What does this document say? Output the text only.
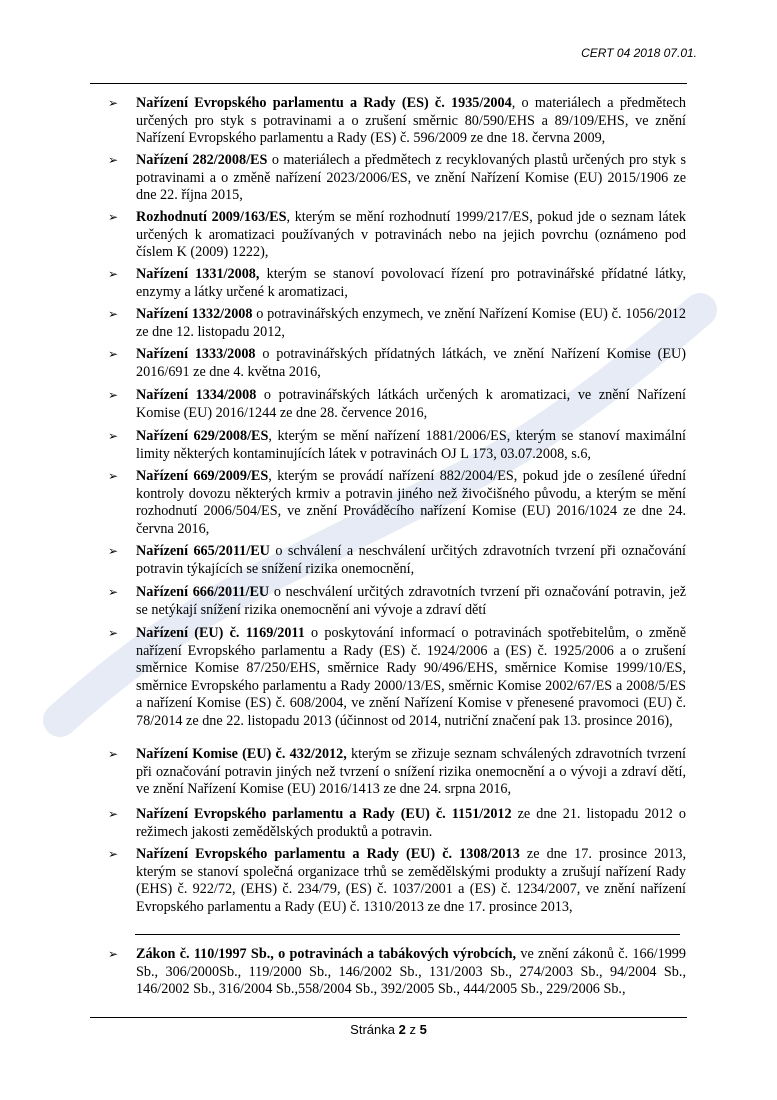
CERT 04 2018 07.01.
➢	Nařízení Evropského parlamentu a Rady (ES) č. 1935/2004, o materiálech a předmětech určených pro styk s potravinami a o zrušení směrnic 80/590/EHS a 89/109/EHS, ve znění Nařízení Evropského parlamentu a Rady (ES) č. 596/2009 ze dne 18. června 2009,
➢	Nařízení 282/2008/ES o materiálech a předmětech z recyklovaných plastů určených pro styk s potravinami a o změně nařízení 2023/2006/ES, ve znění Nařízení Komise (EU) 2015/1906 ze dne 22. října 2015,
➢	Rozhodnutí 2009/163/ES, kterým se mění rozhodnutí 1999/217/ES, pokud jde o seznam látek určených k aromatizaci používaných v potravinách nebo na jejich povrchu (oznámeno pod číslem K (2009) 1222),
➢	Nařízení 1331/2008, kterým se stanoví povolovací řízení pro potravinářské přídatné látky, enzymy a látky určené k aromatizaci,
➢	Nařízení 1332/2008 o potravinářských enzymech, ve znění Nařízení Komise (EU) č. 1056/2012 ze dne 12. listopadu 2012,
➢	Nařízení 1333/2008 o potravinářských přídatných látkách, ve znění Nařízení Komise (EU) 2016/691 ze dne 4. května 2016,
➢	Nařízení 1334/2008 o potravinářských látkách určených k aromatizaci, ve znění Nařízení Komise (EU) 2016/1244 ze dne 28. července 2016,
➢	Nařízení 629/2008/ES, kterým se mění nařízení 1881/2006/ES, kterým se stanoví maximální limity některých kontaminujících látek v potravinách OJ L 173, 03.07.2008, s.6,
➢	Nařízení 669/2009/ES, kterým se provádí nařízení 882/2004/ES, pokud jde o zesílené úřední kontroly dovozu některých krmiv a potravin jiného než živočišného původu, a kterým se mění rozhodnutí 2006/504/ES, ve znění Prováděcího nařízení Komise (EU) 2016/1024 ze dne 24. června 2016,
➢	Nařízení 665/2011/EU o schválení a neschválení určitých zdravotních tvrzení při označování potravin týkajících se snížení rizika onemocnění,
➢	Nařízení 666/2011/EU o neschválení určitých zdravotních tvrzení při označování potravin, jež se netýkají snížení rizika onemocnění ani vývoje a zdraví dětí
➢	Nařízení (EU) č. 1169/2011 o poskytování informací o potravinách spotřebitelům, o změně nařízení Evropského parlamentu a Rady (ES) č. 1924/2006 a (ES) č. 1925/2006 a o zrušení směrnice Komise 87/250/EHS, směrnice Rady 90/496/EHS, směrnice Komise 1999/10/ES, směrnice Evropského parlamentu a Rady 2000/13/ES, směrnic Komise 2002/67/ES a 2008/5/ES a nařízení Komise (ES) č. 608/2004, ve znění Nařízení Komise v přenesené pravomoci (EU) č. 78/2014 ze dne 22. listopadu 2013 (účinnost od 2014, nutriční značení pak 13. prosince 2016),
➢	Nařízení Komise (EU) č. 432/2012, kterým se zřizuje seznam schválených zdravotních tvrzení při označování potravin jiných než tvrzení o snížení rizika onemocnění a o vývoji a zdraví dětí, ve znění Nařízení Komise (EU) 2016/1413 ze dne 24. srpna 2016,
➢	Nařízení Evropského parlamentu a Rady (EU) č. 1151/2012 ze dne 21. listopadu 2012 o režimech jakosti zemědělských produktů a potravin.
➢	Nařízení Evropského parlamentu a Rady (EU) č. 1308/2013 ze dne 17. prosince 2013, kterým se stanoví společná organizace trhů se zemědělskými produkty a zrušují nařízení Rady (EHS) č. 922/72, (EHS) č. 234/79, (ES) č. 1037/2001 a (ES) č. 1234/2007, ve znění nařízení Evropského parlamentu a Rady (EU) č. 1310/2013 ze dne 17. prosince 2013,
➢	Zákon č. 110/1997 Sb., o potravinách a tabákových výrobcích, ve znění zákonů č. 166/1999 Sb., 306/2000Sb., 119/2000 Sb., 146/2002 Sb., 131/2003 Sb., 274/2003 Sb., 94/2004 Sb., 146/2002 Sb., 316/2004 Sb.,558/2004 Sb., 392/2005 Sb., 444/2005 Sb., 229/2006 Sb.,
Stránka 2 z 5
